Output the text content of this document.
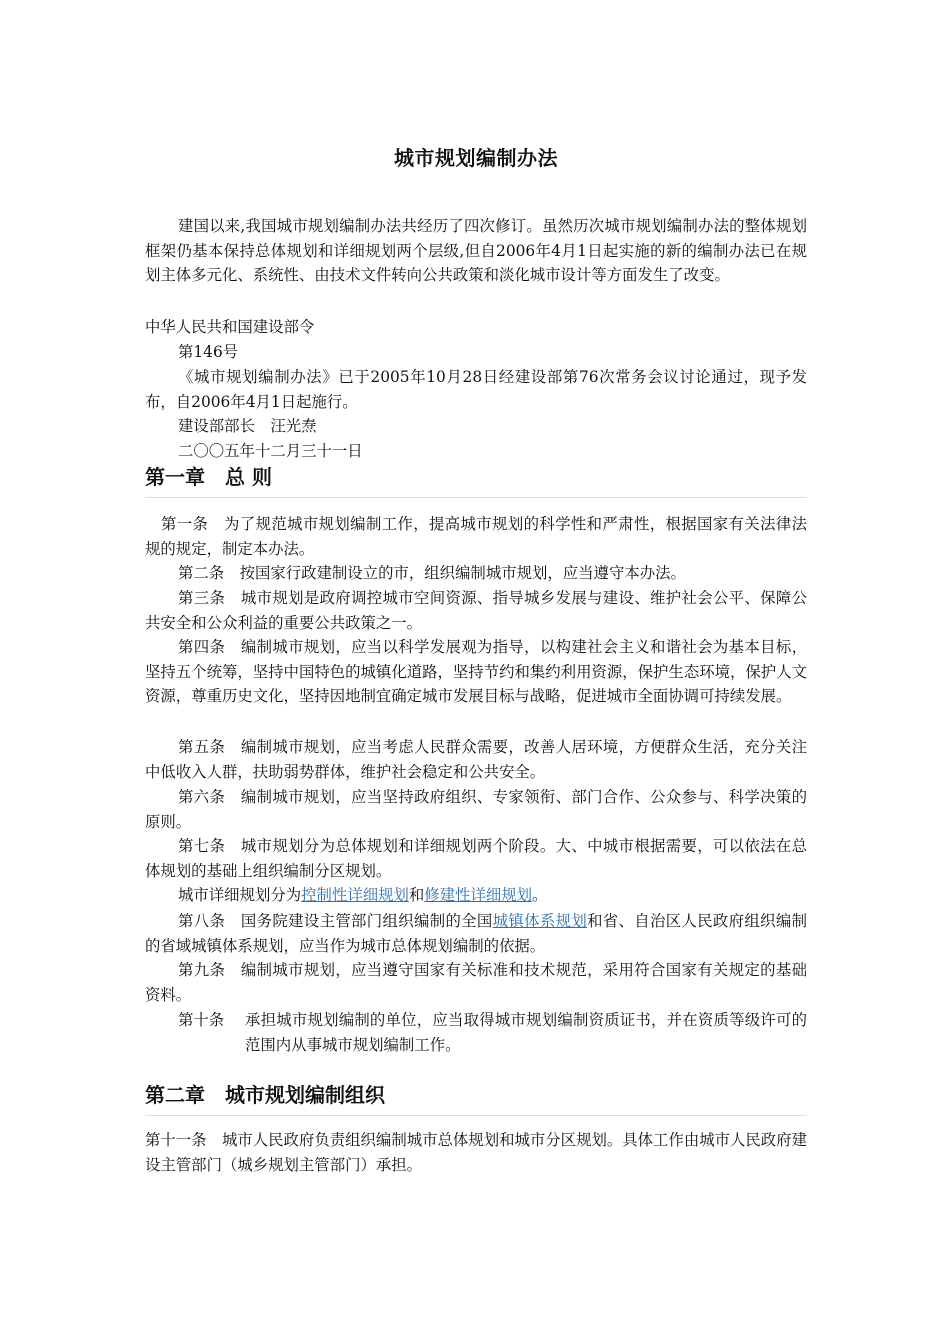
城市规划编制办法

建国以来,我国城市规划编制办法共经历了四次修订。虽然历次城市规划编制办法的整体规划框架仍基本保持总体规划和详细规划两个层级,但自2006年4月1日起实施的新的编制办法已在规划主体多元化、系统性、由技术文件转向公共政策和淡化城市设计等方面发生了改变。

中华人民共和国建设部令

第146号

《城市规划编制办法》已于2005年10月28日经建设部第76次常务会议讨论通过，现予发布，自2006年4月1日起施行。

建设部部长　汪光焘

二〇〇五年十二月三十一日

第一章　总 则

第一条　为了规范城市规划编制工作，提高城市规划的科学性和严肃性，根据国家有关法律法规的规定，制定本办法。

第二条　按国家行政建制设立的市，组织编制城市规划，应当遵守本办法。

第三条　城市规划是政府调控城市空间资源、指导城乡发展与建设、维护社会公平、保障公共安全和公众利益的重要公共政策之一。

第四条　编制城市规划，应当以科学发展观为指导，以构建社会主义和谐社会为基本目标，坚持五个统筹，坚持中国特色的城镇化道路，坚持节约和集约利用资源，保护生态环境，保护人文资源，尊重历史文化，坚持因地制宜确定城市发展目标与战略，促进城市全面协调可持续发展。

第五条　编制城市规划，应当考虑人民群众需要，改善人居环境，方便群众生活，充分关注中低收入人群，扶助弱势群体，维护社会稳定和公共安全。

第六条　编制城市规划，应当坚持政府组织、专家领衔、部门合作、公众参与、科学决策的原则。

第七条　城市规划分为总体规划和详细规划两个阶段。大、中城市根据需要，可以依法在总体规划的基础上组织编制分区规划。

城市详细规划分为控制性详细规划和修建性详细规划。

第八条　国务院建设主管部门组织编制的全国城镇体系规划和省、自治区人民政府组织编制的省域城镇体系规划，应当作为城市总体规划编制的依据。

第九条　编制城市规划，应当遵守国家有关标准和技术规范，采用符合国家有关规定的基础资料。

第十条	承担城市规划编制的单位，应当取得城市规划编制资质证书，并在资质等级许可的范围内从事城市规划编制工作。
第二章　城市规划编制组织

第十一条　城市人民政府负责组织编制城市总体规划和城市分区规划。具体工作由城市人民政府建设主管部门（城乡规划主管部门）承担。
